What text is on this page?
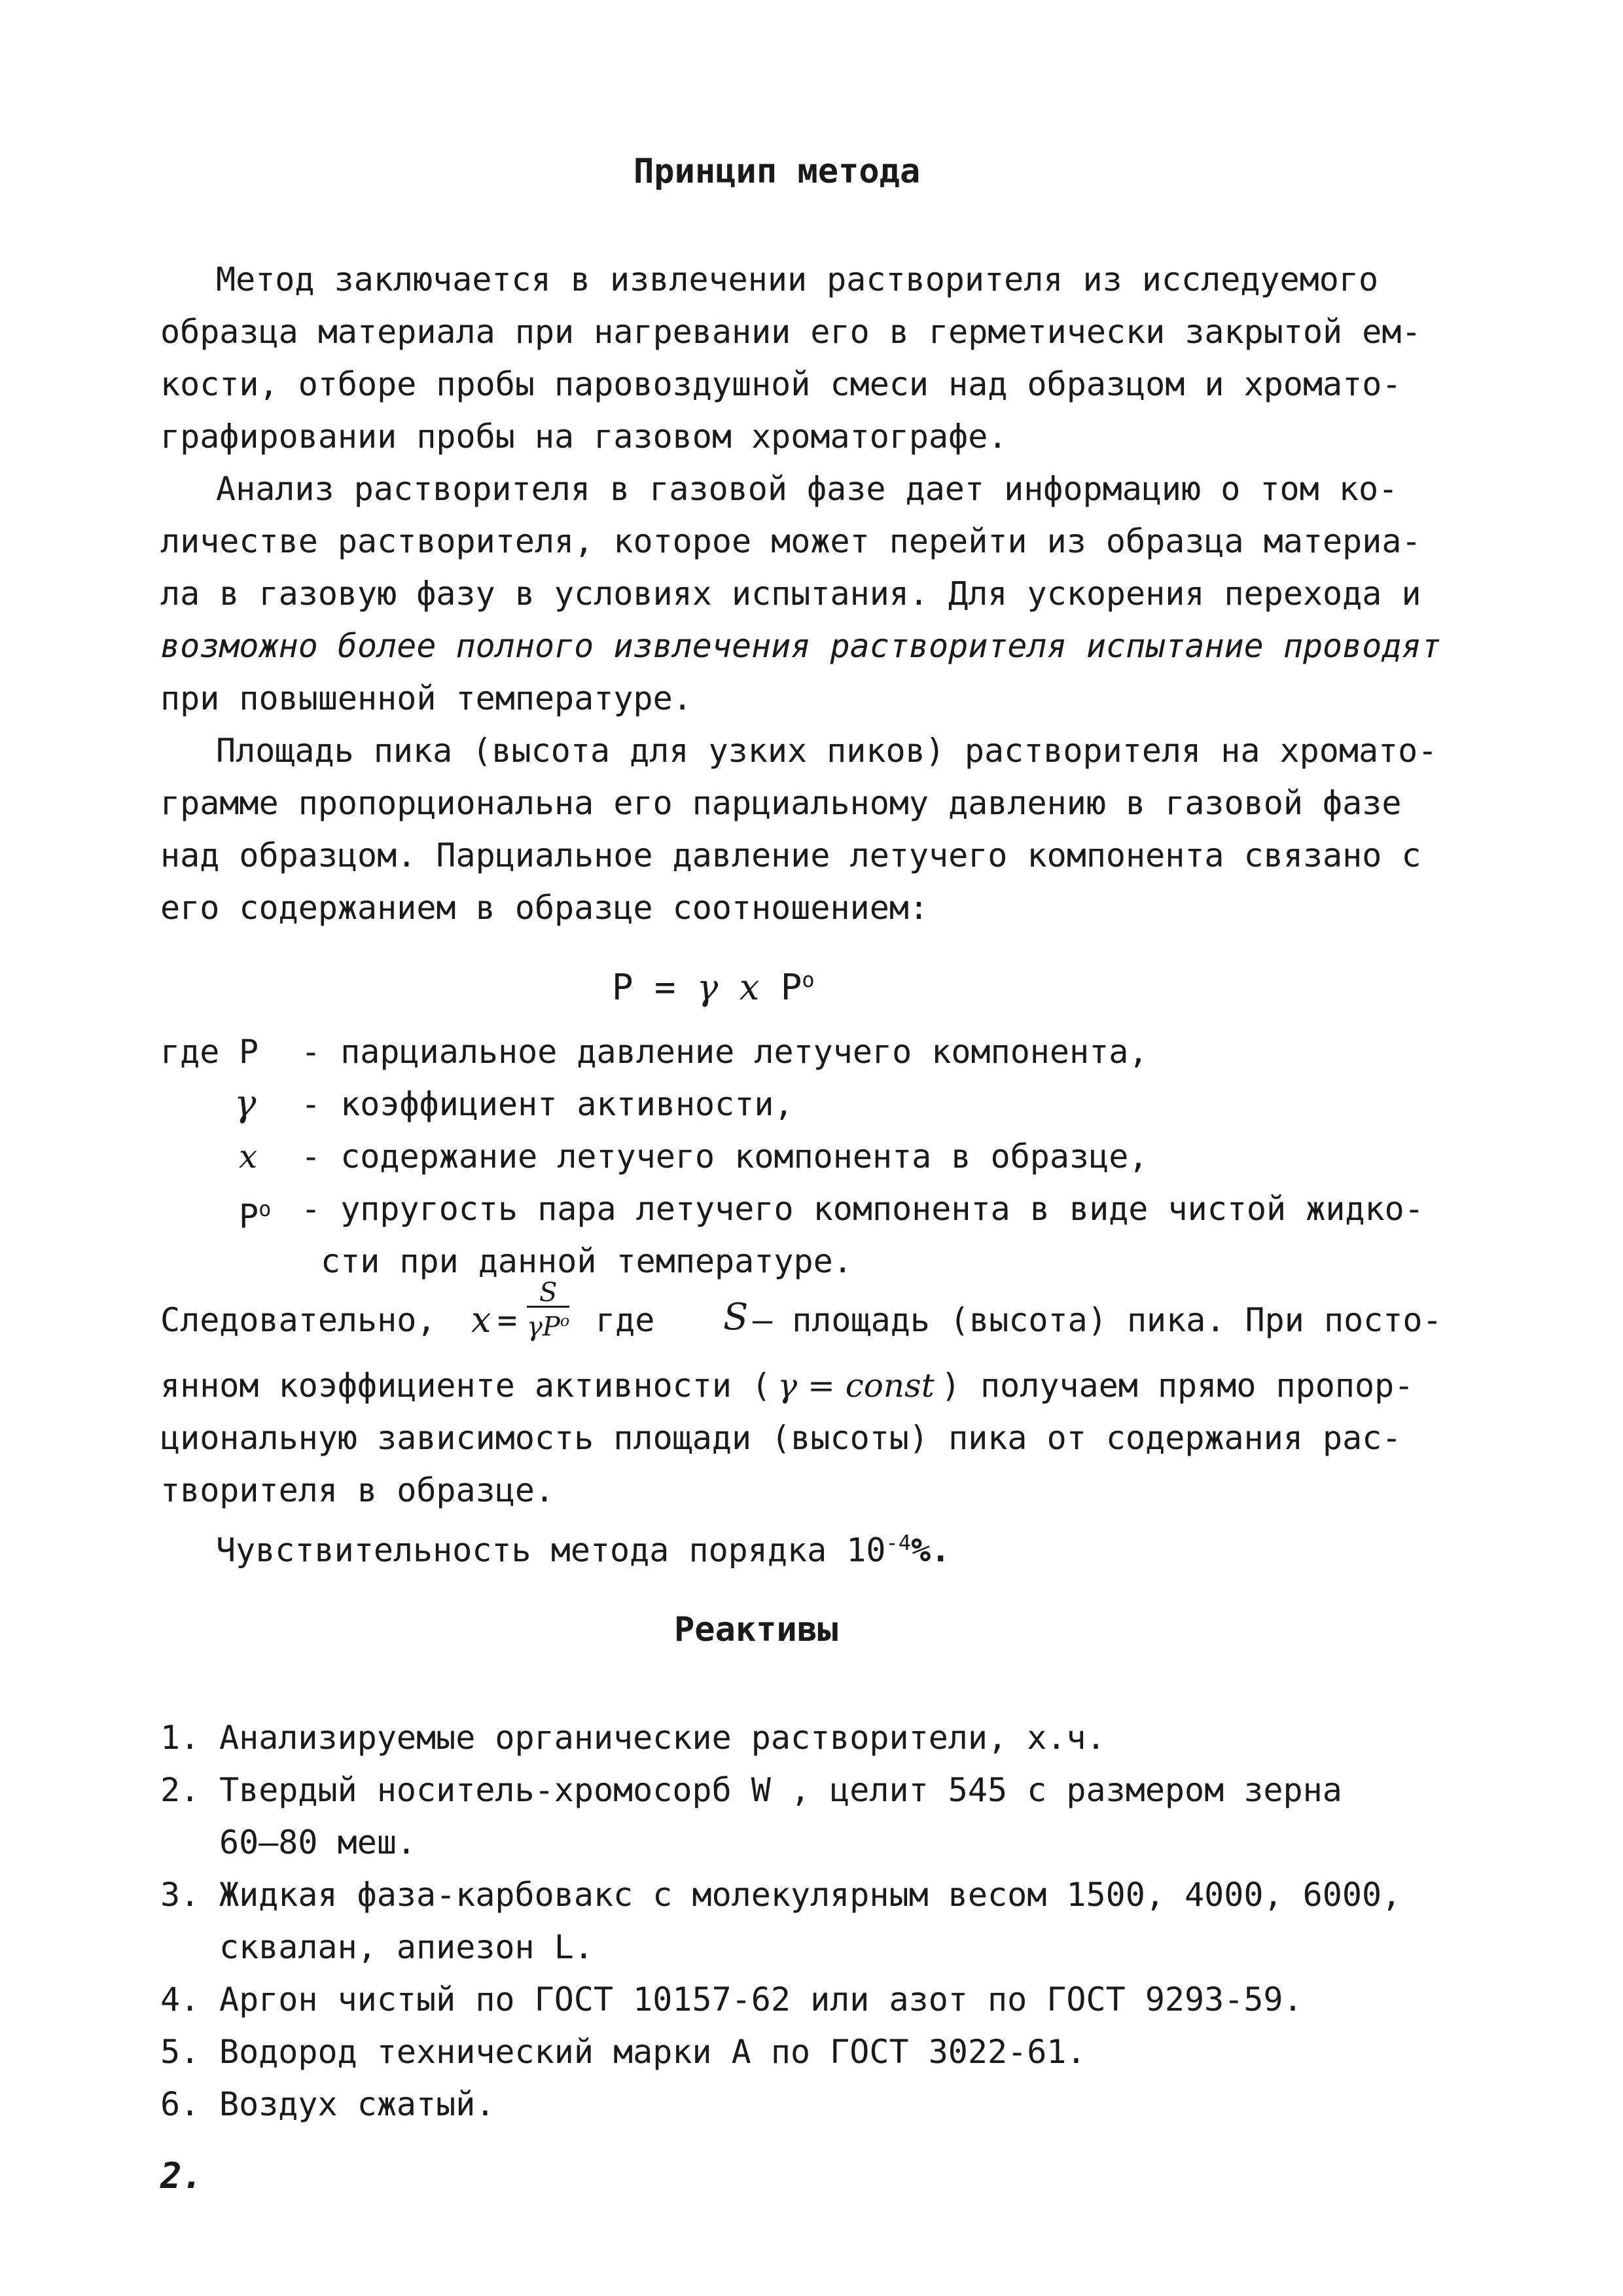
Принцип метода
Метод заключается в извлечении растворителя из исследуемого
образца материала при нагревании его в герметически закрытой ем-
кости, отборе пробы паровоздушной смеси над образцом и хромато-
графировании пробы на газовом хроматографе.
Анализ растворителя в газовой фазе дает информацию о том ко-
личестве растворителя, которое может перейти из образца материа-
ла в газовую фазу в условиях испытания. Для ускорения перехода и
возможно более полного извлечения растворителя испытание проводят
при повышенной температуре.
Площадь пика (высота для узких пиков) растворителя на хромато-
грамме пропорциональна его парциальному давлению в газовой фазе
над образцом. Парциальное давление летучего компонента связано с
его содержанием в образце соотношением:
P = γ x $P^o$
где P - парциальное давление летучего компонента,
γ - коэффициент активности,
x - содержание летучего компонента в образце,
$P^o$ - упругость пара летучего компонента в виде чистой жидко-
сти при данной температуре.
Следовательно, x =
S
$\gamma P^o$ где S – площадь (высота) пика. При посто-
янном коэффициенте активности ( γ = const ) получаем прямо пропор-
циональную зависимость площади (высоты) пика от содержания рас-
творителя в образце.
Чувствительность метода порядка $10^{-4}\%$.
Реактивы
1. Анализируемые органические растворители, х.ч.
2. Твердый носитель-хромосорб W , целит 545 с размером зерна
60–80 меш.
3. Жидкая фаза-карбовакс с молекулярным весом 1500, 4000, 6000,
сквалан, апиезон L.
4. Аргон чистый по ГОСТ 10157-62 или азот по ГОСТ 9293-59.
5. Водород технический марки А по ГОСТ 3022-61.
6. Воздух сжатый.
2.
